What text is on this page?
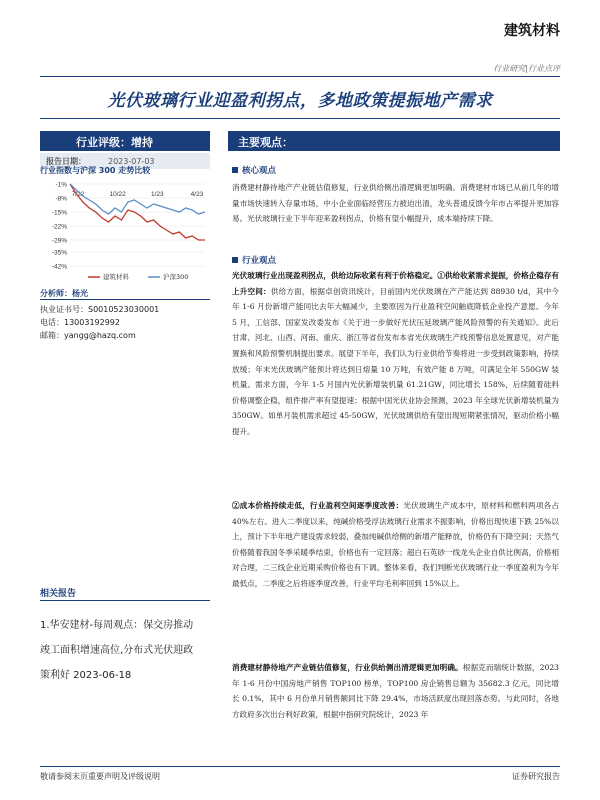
建筑材料
行业研究|行业点评
光伏玻璃行业迎盈利拐点，多地政策提振地产需求
行业评级：增持
报告日期：	2023-07-03
行业指数与沪深 300 走势比较
-1%
-8%
-15%
-22%
-29%
-35%
-42%
7/22	10/22	1/23	4/23
建筑材料	沪深300
分析师：杨光
执业证书号：S0010523030001
电话：13003192992
邮箱：yangg@hazq.com
相关报告
1.华安建材-每周观点：保交房推动
竣工面积增速高位,分布式光伏迎政
策利好 2023-06-18
主要观点：
核心观点
消费建材静待地产产业链估值修复，行业供给侧出清逻辑更加明确。消费建材市场已从前几年的增量市场快速转入存量市场，中小企业面临经营压力被迫出清，龙头普通反馈今年市占率提升更加容易。光伏玻璃行业下半年迎来盈利拐点，价格有望小幅提升，成本端持续下降。
行业观点
光伏玻璃行业出现盈利拐点，供给边际收紧有利于价格稳定。①供给收紧需求提振，价格企稳存有上升空间：供给方面，根据卓创资讯统计，目前国内光伏玻璃在产产能达到 88930 t/d，其中今年 1-6 月份新增产能同比去年大幅减少，主要原因为行业盈利空间触底降低企业投产意愿。今年 5 月，工信部、国家发改委发布《关于进一步做好光伏压延玻璃产能风险预警的有关通知》。此后甘肃、河北、山西、河南、重庆、浙江等省份发布本省光伏玻璃生产线预警信息处置意见，对产能置换和风险预警机制提出要求。展望下半年，我们认为行业供给节奏将进一步受到政策影响，持续放缓；年末光伏玻璃产能预计将达到日熔量 10 万吨，有效产能 8 万吨，可满足全年 550GW 装机量。需求方面，今年 1-5 月国内光伏新增装机量 61.21GW，同比增长 158%，后续随着硅料价格调整企稳，组件排产率有望提速；根据中国光伏业协会预测，2023 年全球光伏新增装机量为 350GW。如单月装机需求超过 45-50GW，光伏玻璃供给有望出现短期紧张情况，驱动价格小幅提升。
②成本价格持续走低，行业盈利空间逐季度改善：光伏玻璃生产成本中，原材料和燃料两项各占 40%左右。进入二季度以来，纯碱价格受浮法玻璃行业需求不振影响，价格出现快速下跌 25%以上，预计下半年地产建设需求较弱，叠加纯碱供给侧的新增产能释放，价格仍有下降空间；天然气价格随着我国冬季采暖季结束，价格也有一定回落；超白石英砂一线龙头企业自供比例高，价格相对合理，二三线企业近期采购价格也有下调。整体来看，我们判断光伏玻璃行业一季度盈利为今年最低点，二季度之后将逐季度改善，行业平均毛利率回到 15%以上。
消费建材静待地产产业链估值修复，行业供给侧出清逻辑更加明确。根据克而瑞统计数据，2023 年 1-6 月份中国房地产销售 TOP100 榜单，TOP100 房企销售总额为 35682.3 亿元，同比增长 0.1%，其中 6 月份单月销售额同比下降 29.4%，市场活跃度出现回落态势。与此同时，各地方政府多次出台利好政策，根据中指研究院统计，2023 年
敬请参阅末页重要声明及评级说明	证券研究报告
